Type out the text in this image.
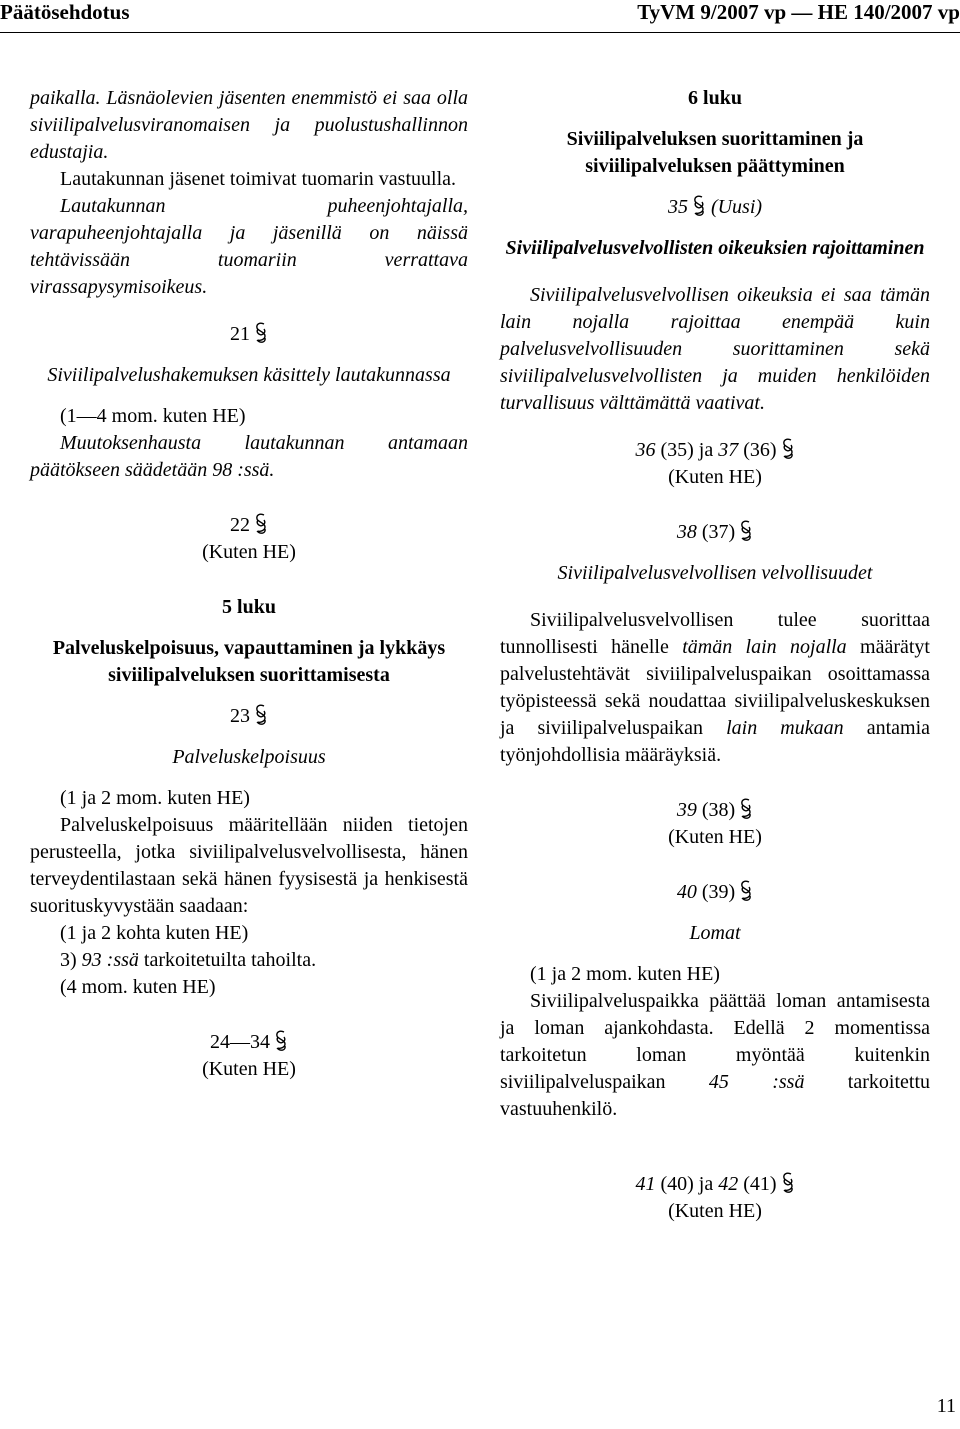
Päätösehdotus	TyVM 9/2007 vp — HE 140/2007 vp

paikalla. Läsnäolevien jäsenten enemmistö ei saa olla siviilipalvelusviranomaisen ja puolustushallinnon edustajia.

Lautakunnan jäsenet toimivat tuomarin vastuulla.

Lautakunnan puheenjohtajalla, varapuheenjohtajalla ja jäsenillä on näissä tehtävissään tuomariin verrattava virassapysymisoikeus.

21

Siviilipalvelushakemuksen käsittely lautakunnassa

(1—4 mom. kuten HE)

Muutoksenhausta lautakunnan antamaan päätökseen säädetään 98 :ssä.

22

(Kuten HE)

5 luku

Palveluskelpoisuus, vapauttaminen ja lykkäys siviilipalveluksen suorittamisesta

23

Palveluskelpoisuus

(1 ja 2 mom. kuten HE)

Palveluskelpoisuus määritellään niiden tietojen perusteella, jotka siviilipalvelusvelvollisesta, hänen terveydentilastaan sekä hänen fyysisestä ja henkisestä suorituskyvystään saadaan:

(1 ja 2 kohta kuten HE)

3) 93 :ssä tarkoitetuilta tahoilta.

(4 mom. kuten HE)

24—34

(Kuten HE)

6 luku

Siviilipalveluksen suorittaminen ja siviilipalveluksen päättyminen

35 (Uusi)

Siviilipalvelusvelvollisten oikeuksien rajoittaminen

Siviilipalvelusvelvollisen oikeuksia ei saa tämän lain nojalla rajoittaa enempää kuin palvelusvelvollisuuden suorittaminen sekä siviilipalvelusvelvollisten ja muiden henkilöiden turvallisuus välttämättä vaativat.

36 (35) ja 37 (36)

(Kuten HE)

38 (37)

Siviilipalvelusvelvollisen velvollisuudet

Siviilipalvelusvelvollisen tulee suorittaa tunnollisesti hänelle tämän lain nojalla määrätyt palvelustehtävät siviilipalveluspaikan osoittamassa työpisteessä sekä noudattaa siviilipalveluskeskuksen ja siviilipalveluspaikan lain mukaan antamia työnjohdollisia määräyksiä.

39 (38)

(Kuten HE)

40 (39)

Lomat

(1 ja 2 mom. kuten HE)

Siviilipalveluspaikka päättää loman antamisesta ja loman ajankohdasta. Edellä 2 momentissa tarkoitetun loman myöntää kuitenkin siviilipalveluspaikan 45 :ssä tarkoitettu vastuuhenkilö.

41 (40) ja 42 (41)

(Kuten HE)

11
